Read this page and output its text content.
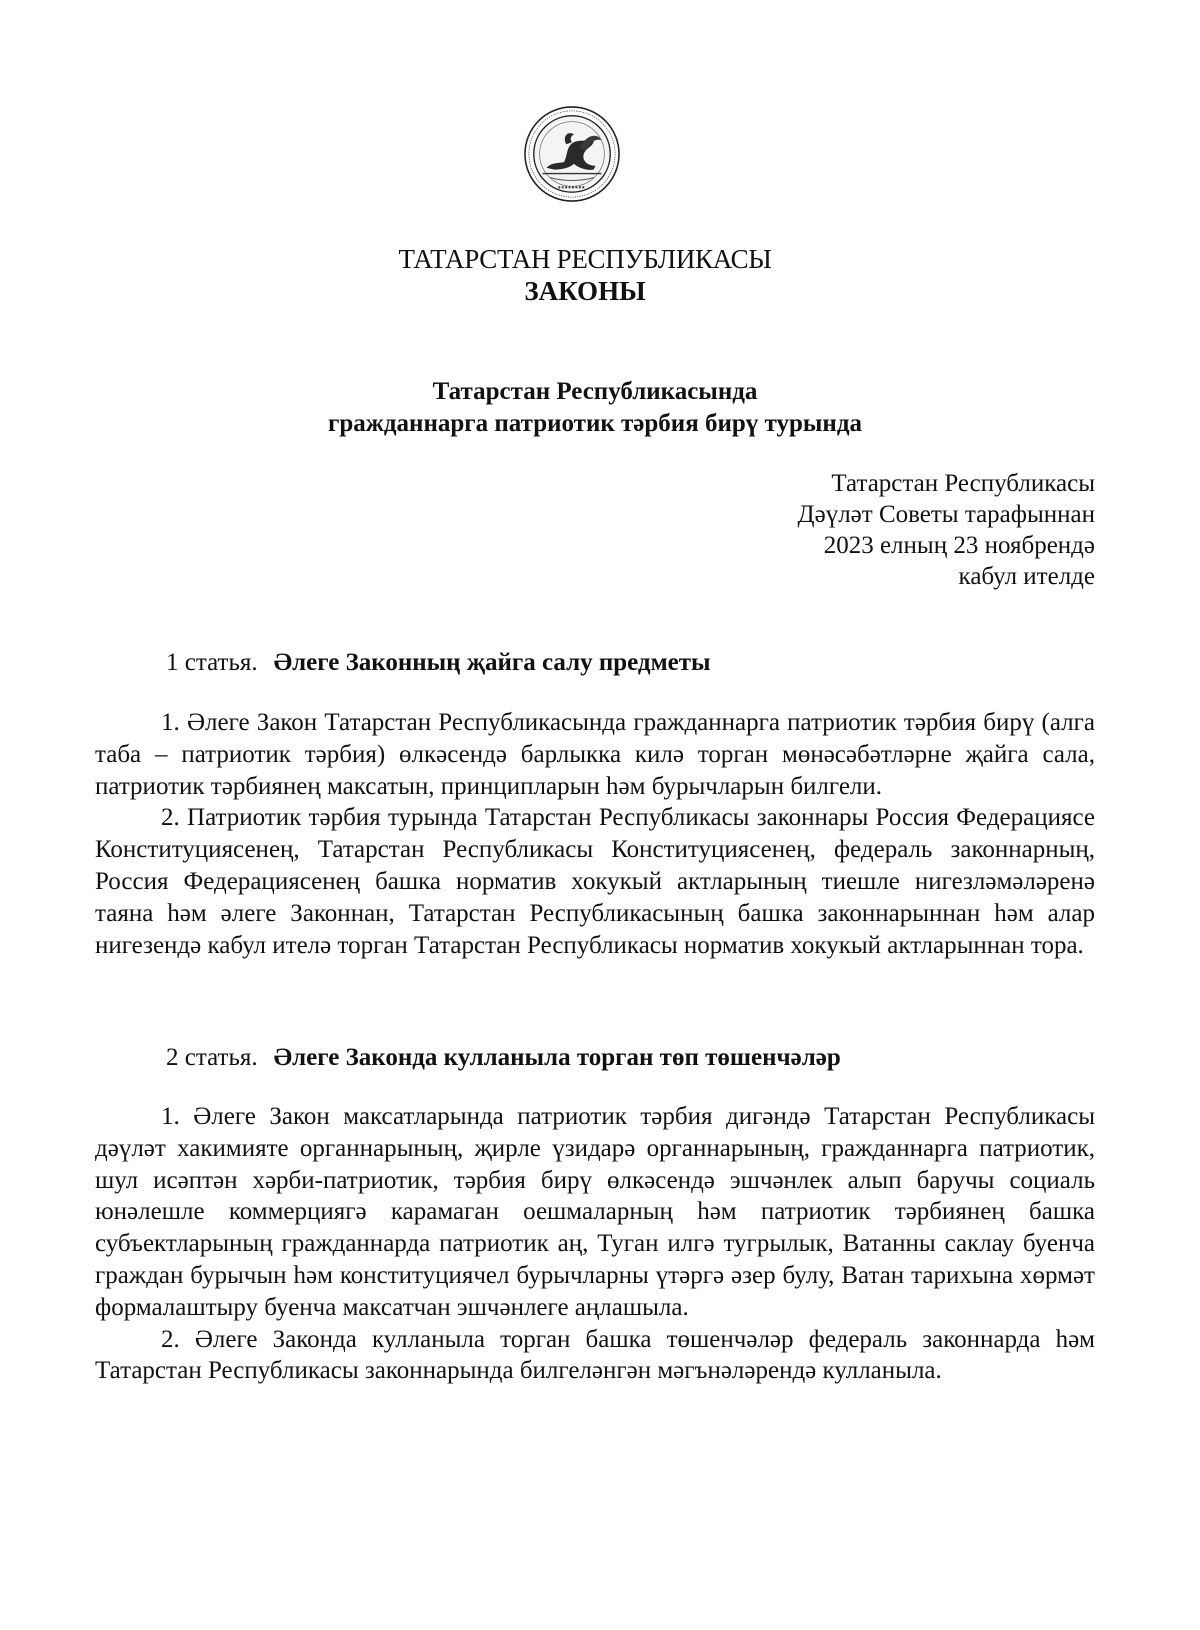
ТАТАРСТАН РЕСПУБЛИКАСЫ
ЗАКОНЫ
Татарстан Республикасында
гражданнарга патриотик тәрбия бирү турында
Татарстан Республикасы
Дәүләт Советы тарафыннан
2023 елның 23 ноябрендә
кабул ителде
1 статья. Әлеге Законның җайга салу предметы

1. Әлеге Закон Татарстан Республикасында гражданнарга патриотик тәрбия бирү (алга таба – патриотик тәрбия) өлкәсендә барлыкка килә торган мөнәсәбәтләрне җайга сала, патриотик тәрбиянең максатын, принципларын һәм бурычларын билгели.

2. Патриотик тәрбия турында Татарстан Республикасы законнары Россия Федерациясе Конституциясенең, Татарстан Республикасы Конституциясенең, федераль законнарның, Россия Федерациясенең башка норматив хокукый актларының тиешле нигезләмәләренә таяна һәм әлеге Законнан, Татарстан Республикасының башка законнарыннан һәм алар нигезендә кабул ителә торган Татарстан Республикасы норматив хокукый актларыннан тора.

2 статья. Әлеге Законда кулланыла торган төп төшенчәләр

1. Әлеге Закон максатларында патриотик тәрбия дигәндә Татарстан Республикасы дәүләт хакимияте органнарының, җирле үзидарә органнарының, гражданнарга патриотик, шул исәптән хәрби-патриотик, тәрбия бирү өлкәсендә эшчәнлек алып баручы социаль юнәлешле коммерциягә карамаган оешмаларның һәм патриотик тәрбиянең башка субъектларының гражданнарда патриотик аң, Туган илгә тугрылык, Ватанны саклау буенча граждан бурычын һәм конституциячел бурычларны үтәргә әзер булу, Ватан тарихына хөрмәт формалаштыру буенча максатчан эшчәнлеге аңлашыла.

2. Әлеге Законда кулланыла торган башка төшенчәләр федераль законнарда һәм Татарстан Республикасы законнарында билгеләнгән мәгънәләрендә кулланыла.
